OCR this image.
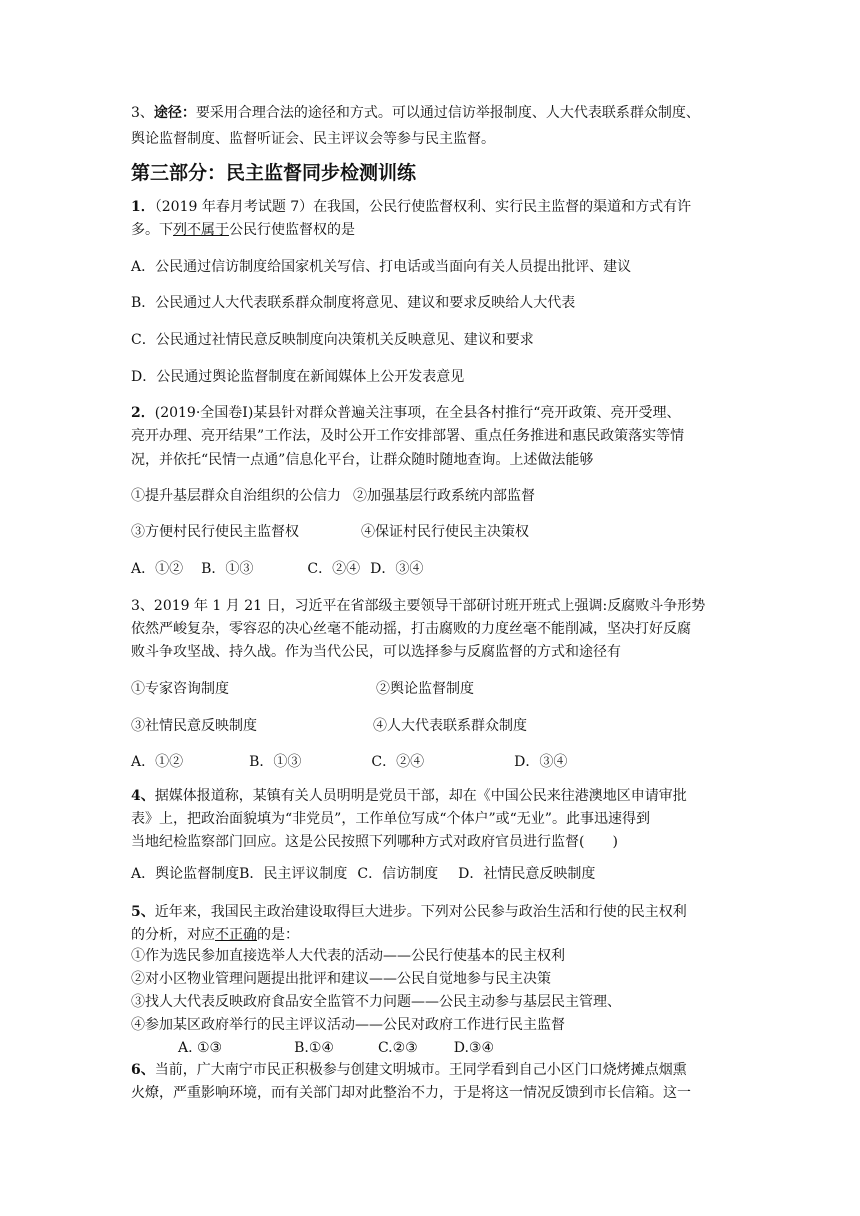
3、途径：要采用合理合法的途径和方式。可以通过信访举报制度、人大代表联系群众制度、
舆论监督制度、监督听证会、民主评议会等参与民主监督。
第三部分：民主监督同步检测训练
1．（2019 年春月考试题 7）在我国，公民行使监督权利、实行民主监督的渠道和方式有许
多。下列不属于公民行使监督权的是
A．公民通过信访制度给国家机关写信、打电话或当面向有关人员提出批评、建议
B．公民通过人大代表联系群众制度将意见、建议和要求反映给人大代表
C．公民通过社情民意反映制度向决策机关反映意见、建议和要求
D．公民通过舆论监督制度在新闻媒体上公开发表意见
2．(2019·全国卷Ⅰ)某县针对群众普遍关注事项，在全县各村推行“亮开政策、亮开受理、
亮开办理、亮开结果”工作法，及时公开工作安排部署、重点任务推进和惠民政策落实等情
况，并依托“民情一点通”信息化平台，让群众随时随地查询。上述做法能够
①提升基层群众自治组织的公信力 ②加强基层行政系统内部监督
③方便村民行使民主监督权	④保证村民行使民主决策权
A．①② B．①③	C．②④ D．③④
3、2019 年 1 月 21 日，习近平在省部级主要领导干部研讨班开班式上强调:反腐败斗争形势
依然严峻复杂，零容忍的决心丝毫不能动摇，打击腐败的力度丝毫不能削减，坚决打好反腐
败斗争攻坚战、持久战。作为当代公民，可以选择参与反腐监督的方式和途径有
①专家咨询制度	②舆论监督制度
③社情民意反映制度	④人大代表联系群众制度
A．①②	B．①③	C．②④	D．③④
4、据媒体报道称，某镇有关人员明明是党员干部，却在《中国公民来往港澳地区申请审批
表》上，把政治面貌填为“非党员”，工作单位写成“个体户”或“无业”。此事迅速得到
当地纪检监察部门回应。这是公民按照下列哪种方式对政府官员进行监督(　　)
A．舆论监督制度B．民主评议制度 C．信访制度 D．社情民意反映制度
5、近年来，我国民主政治建设取得巨大进步。下列对公民参与政治生活和行使的民主权利
的分析，对应不正确的是：
①作为选民参加直接选举人大代表的活动——公民行使基本的民主权利
②对小区物业管理问题提出批评和建议——公民自觉地参与民主决策
③找人大代表反映政府食品安全监管不力问题——公民主动参与基层民主管理、
④参加某区政府举行的民主评议活动——公民对政府工作进行民主监督
A. ①③	B.①④	C.②③	D.③④
6、当前，广大南宁市民正积极参与创建文明城市。王同学看到自己小区门口烧烤摊点烟熏
火燎，严重影响环境，而有关部门却对此整治不力，于是将这一情况反馈到市长信箱。这一
